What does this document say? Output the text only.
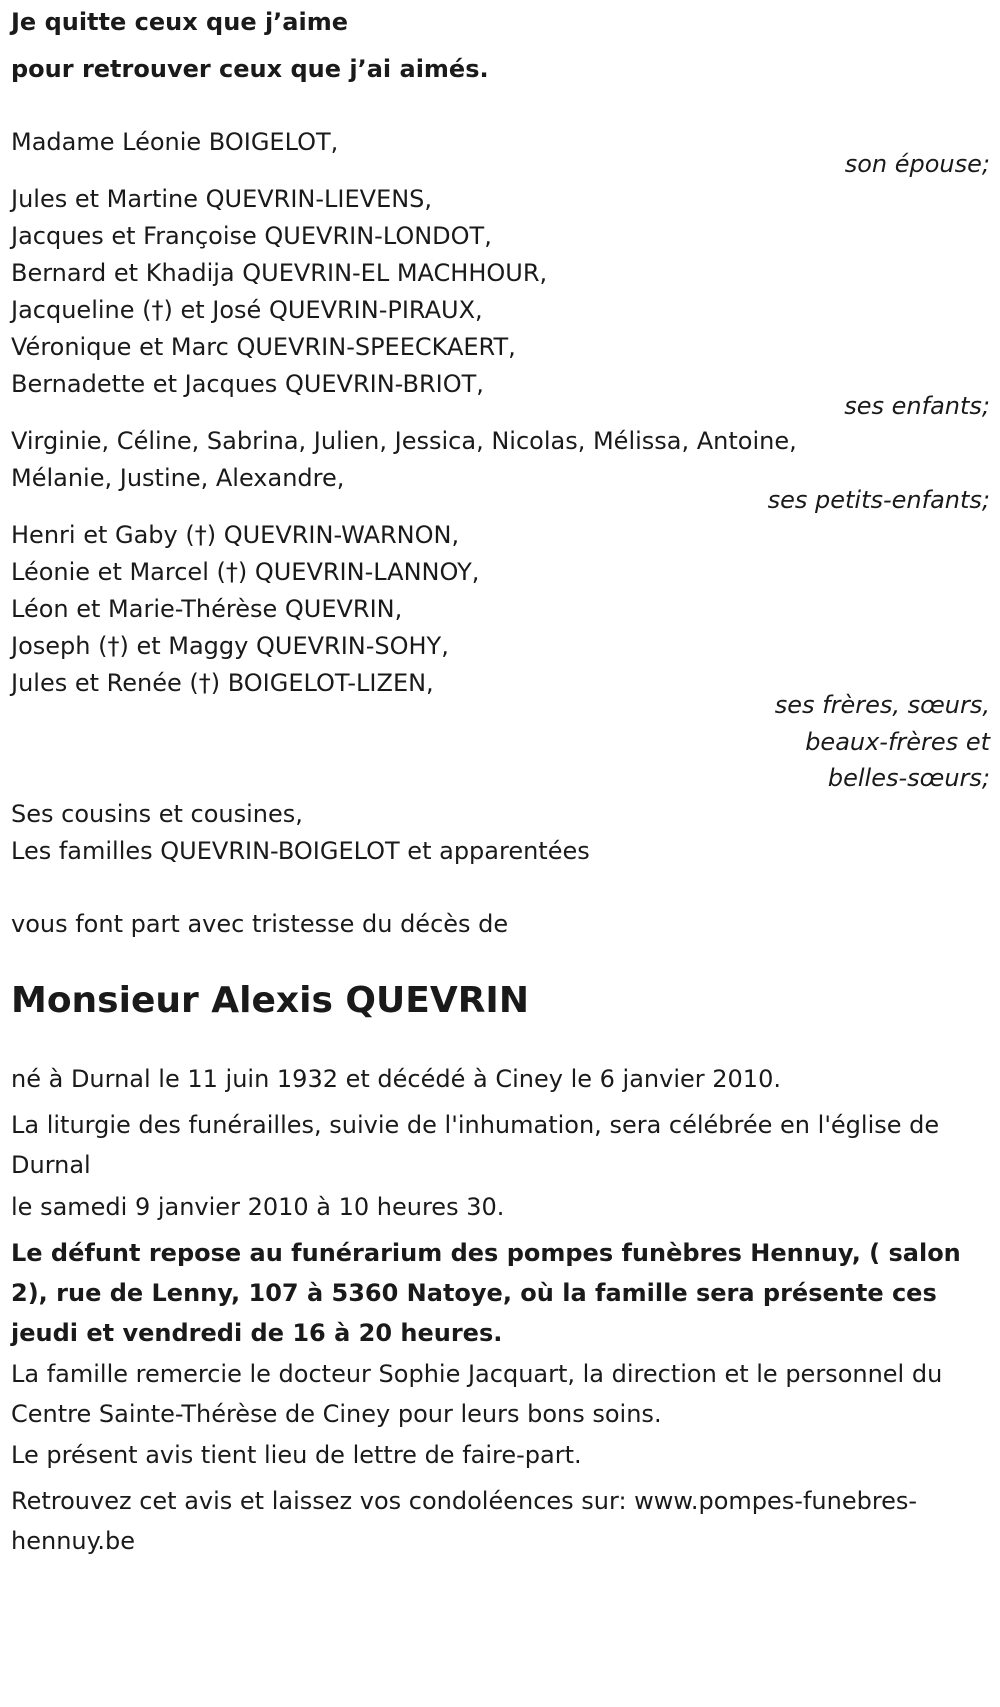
Je quitte ceux que j’aime
pour retrouver ceux que j’ai aimés.
Madame Léonie BOIGELOT,
son épouse;
Jules et Martine QUEVRIN-LIEVENS,
Jacques et Françoise QUEVRIN-LONDOT,
Bernard et Khadija QUEVRIN-EL MACHHOUR,
Jacqueline (†) et José QUEVRIN-PIRAUX,
Véronique et Marc QUEVRIN-SPEECKAERT,
Bernadette et Jacques QUEVRIN-BRIOT,
ses enfants;
Virginie, Céline, Sabrina, Julien, Jessica, Nicolas, Mélissa, Antoine,
Mélanie, Justine, Alexandre,
ses petits-enfants;
Henri et Gaby (†) QUEVRIN-WARNON,
Léonie et Marcel (†) QUEVRIN-LANNOY,
Léon et Marie-Thérèse QUEVRIN,
Joseph (†) et Maggy QUEVRIN-SOHY,
Jules et Renée (†) BOIGELOT-LIZEN,
ses frères, sœurs,
beaux-frères et
belles-sœurs;
Ses cousins et cousines,
Les familles QUEVRIN-BOIGELOT et apparentées
vous font part avec tristesse du décès de
Monsieur Alexis QUEVRIN
né à Durnal le 11 juin 1932 et décédé à Ciney le 6 janvier 2010.
La liturgie des funérailles, suivie de l'inhumation, sera célébrée en l'église de Durnal
le samedi 9 janvier 2010 à 10 heures 30.
Le défunt repose au funérarium des pompes funèbres Hennuy, ( salon 2), rue de Lenny, 107 à 5360 Natoye, où la famille sera présente ces jeudi et vendredi de 16 à 20 heures.
La famille remercie le docteur Sophie Jacquart, la direction et le personnel du Centre Sainte-Thérèse de Ciney pour leurs bons soins.
Le présent avis tient lieu de lettre de faire-part.
Retrouvez cet avis et laissez vos condoléences sur: www.pompes-funebres-hennuy.be
